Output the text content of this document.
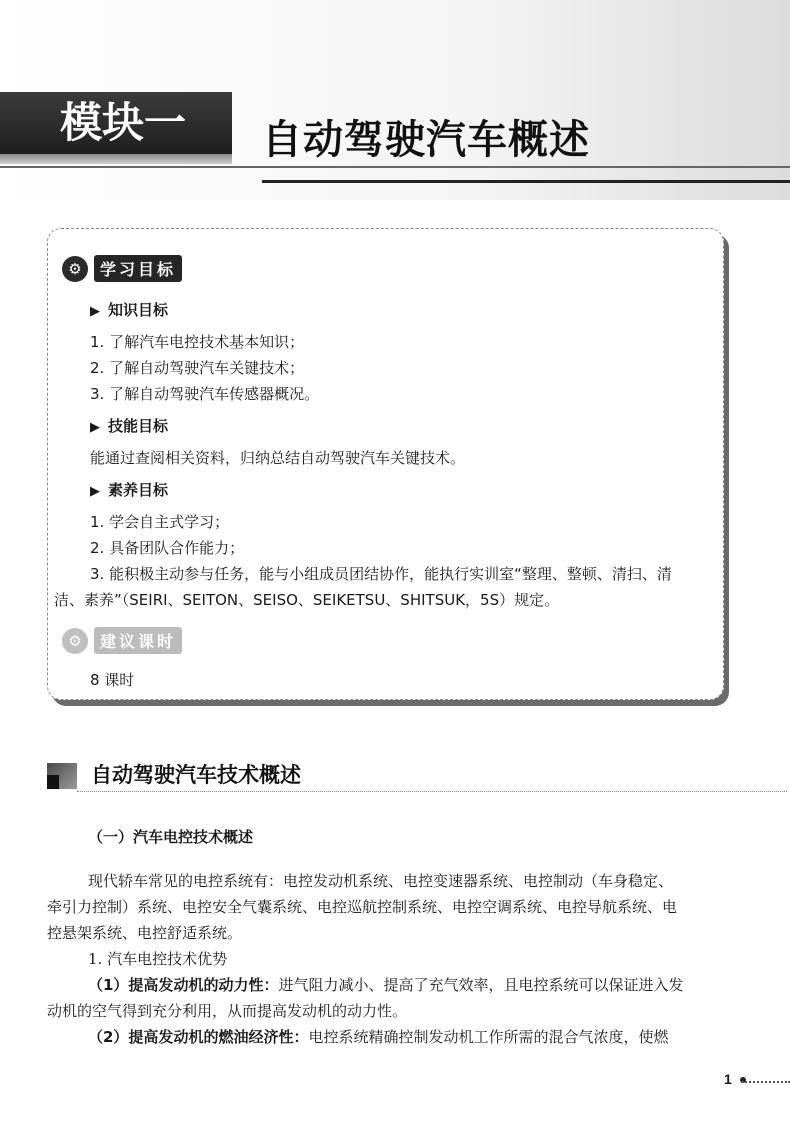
模块一	自动驾驶汽车概述
⚙	学习目标
▶ 知识目标
1. 了解汽车电控技术基本知识；
2. 了解自动驾驶汽车关键技术；
3. 了解自动驾驶汽车传感器概况。
▶ 技能目标
能通过查阅相关资料，归纳总结自动驾驶汽车关键技术。
▶ 素养目标
1. 学会自主式学习；
2. 具备团队合作能力；
3. 能积极主动参与任务，能与小组成员团结协作，能执行实训室“整理、整顿、清扫、清
洁、素养”（SEIRI、SEITON、SEISO、SEIKETSU、SHITSUK，5S）规定。
⚙	建议课时
8 课时
自动驾驶汽车技术概述
（一）汽车电控技术概述
现代轿车常见的电控系统有：电控发动机系统、电控变速器系统、电控制动（车身稳定、
牵引力控制）系统、电控安全气囊系统、电控巡航控制系统、电控空调系统、电控导航系统、电
控悬架系统、电控舒适系统。
1. 汽车电控技术优势
（1）提高发动机的动力性：进气阻力减小、提高了充气效率，且电控系统可以保证进入发
动机的空气得到充分利用，从而提高发动机的动力性。
（2）提高发动机的燃油经济性：电控系统精确控制发动机工作所需的混合气浓度，使燃
1
